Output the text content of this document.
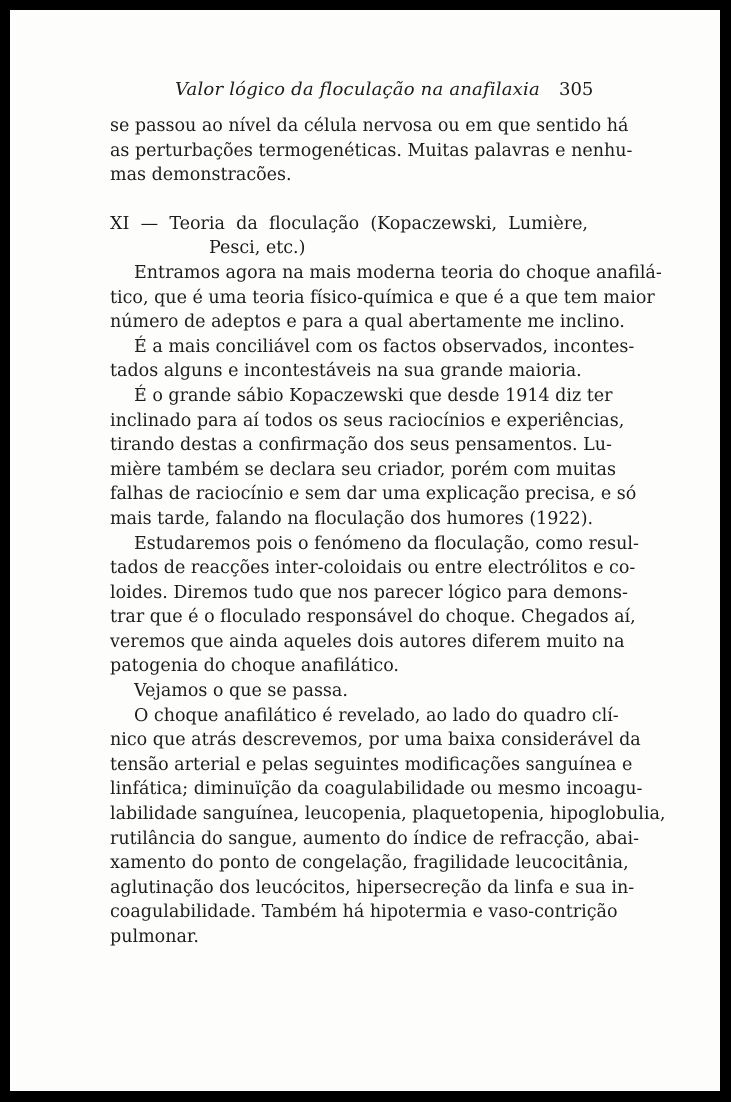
Valor lógico da floculação na anafilaxia 305
se passou ao nível da célula nervosa ou em que sentido há
as perturbações termogenéticas. Muitas palavras e nenhu-
mas demonstracões.
XI — Teoria da floculação (Kopaczewski, Lumière,
Pesci, etc.)
Entramos agora na mais moderna teoria do choque anafilá-
tico, que é uma teoria físico-química e que é a que tem maior
número de adeptos e para a qual abertamente me inclino.
É a mais conciliável com os factos observados, incontes-
tados alguns e incontestáveis na sua grande maioria.
É o grande sábio Kopaczewski que desde 1914 diz ter
inclinado para aí todos os seus raciocínios e experiências,
tirando destas a confirmação dos seus pensamentos. Lu-
mière também se declara seu criador, porém com muitas
falhas de raciocínio e sem dar uma explicação precisa, e só
mais tarde, falando na floculação dos humores (1922).
Estudaremos pois o fenómeno da floculação, como resul-
tados de reacções inter-coloidais ou entre electrólitos e co-
loides. Diremos tudo que nos parecer lógico para demons-
trar que é o floculado responsável do choque. Chegados aí,
veremos que ainda aqueles dois autores diferem muito na
patogenia do choque anafilático.
Vejamos o que se passa.
O choque anafilático é revelado, ao lado do quadro clí-
nico que atrás descrevemos, por uma baixa considerável da
tensão arterial e pelas seguintes modificações sanguínea e
linfática; diminuïção da coagulabilidade ou mesmo incoagu-
labilidade sanguínea, leucopenia, plaquetopenia, hipoglobulia,
rutilância do sangue, aumento do índice de refracção, abai-
xamento do ponto de congelação, fragilidade leucocitânia,
aglutinação dos leucócitos, hipersecreção da linfa e sua in-
coagulabilidade. Também há hipotermia e vaso-contrição
pulmonar.
